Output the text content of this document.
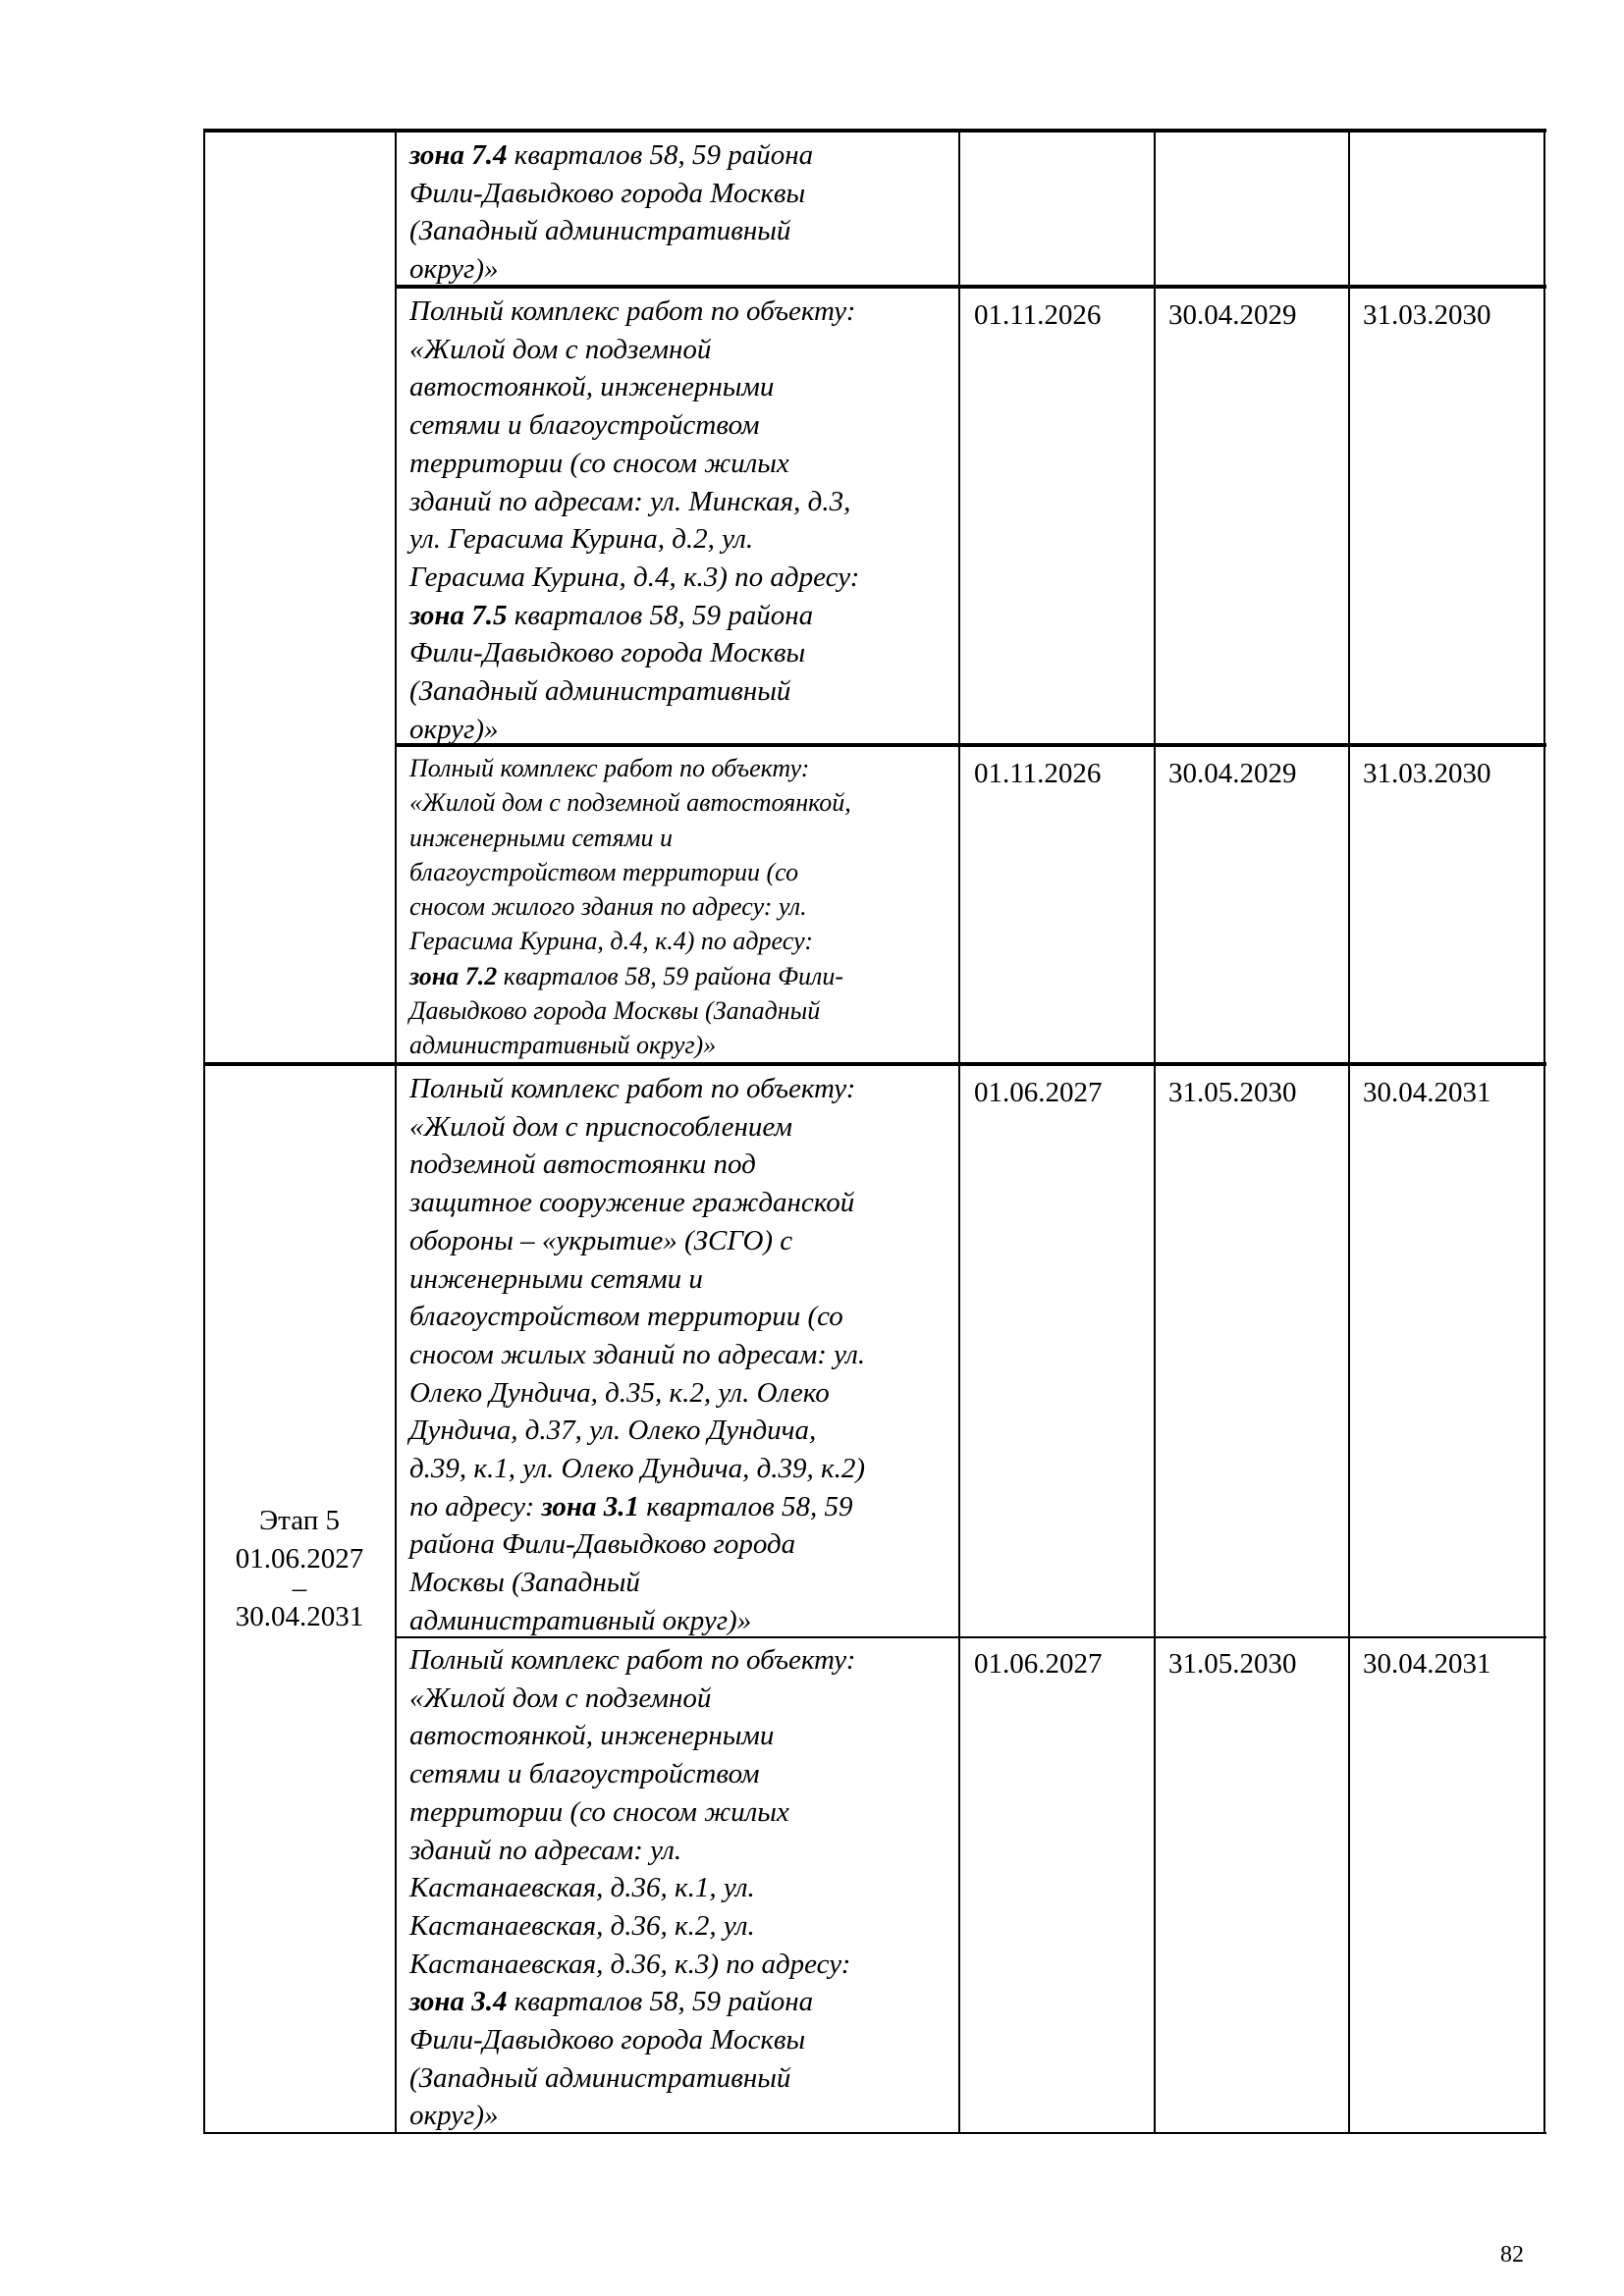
Этап 5
01.06.2027
–
30.04.2031
зона 7.4 кварталов 58, 59 района
Фили-Давыдково города Москвы
(Западный административный
округ)»
Полный комплекс работ по объекту:
«Жилой дом с подземной
автостоянкой, инженерными
сетями и благоустройством
территории (со сносом жилых
зданий по адресам: ул. Минская, д.3,
ул. Герасима Курина, д.2, ул.
Герасима Курина, д.4, к.3) по адресу:
зона 7.5 кварталов 58, 59 района
Фили-Давыдково города Москвы
(Западный административный
округ)»
01.11.2026 30.04.2029 31.03.2030
Полный комплекс работ по объекту:
«Жилой дом с подземной автостоянкой,
инженерными сетями и
благоустройством территории (со
сносом жилого здания по адресу: ул.
Герасима Курина, д.4, к.4) по адресу:
зона 7.2 кварталов 58, 59 района Фили-
Давыдково города Москвы (Западный
административный округ)»
01.11.2026 30.04.2029 31.03.2030
Полный комплекс работ по объекту:
«Жилой дом с приспособлением
подземной автостоянки под
защитное сооружение гражданской
обороны – «укрытие» (ЗСГО) с
инженерными сетями и
благоустройством территории (со
сносом жилых зданий по адресам: ул.
Олеко Дундича, д.35, к.2, ул. Олеко
Дундича, д.37, ул. Олеко Дундича,
д.39, к.1, ул. Олеко Дундича, д.39, к.2)
по адресу: зона 3.1 кварталов 58, 59
района Фили-Давыдково города
Москвы (Западный
административный округ)»
01.06.2027 31.05.2030 30.04.2031
Полный комплекс работ по объекту:
«Жилой дом с подземной
автостоянкой, инженерными
сетями и благоустройством
территории (со сносом жилых
зданий по адресам: ул.
Кастанаевская, д.36, к.1, ул.
Кастанаевская, д.36, к.2, ул.
Кастанаевская, д.36, к.3) по адресу:
зона 3.4 кварталов 58, 59 района
Фили-Давыдково города Москвы
(Западный административный
округ)»
01.06.2027 31.05.2030 30.04.2031
82
